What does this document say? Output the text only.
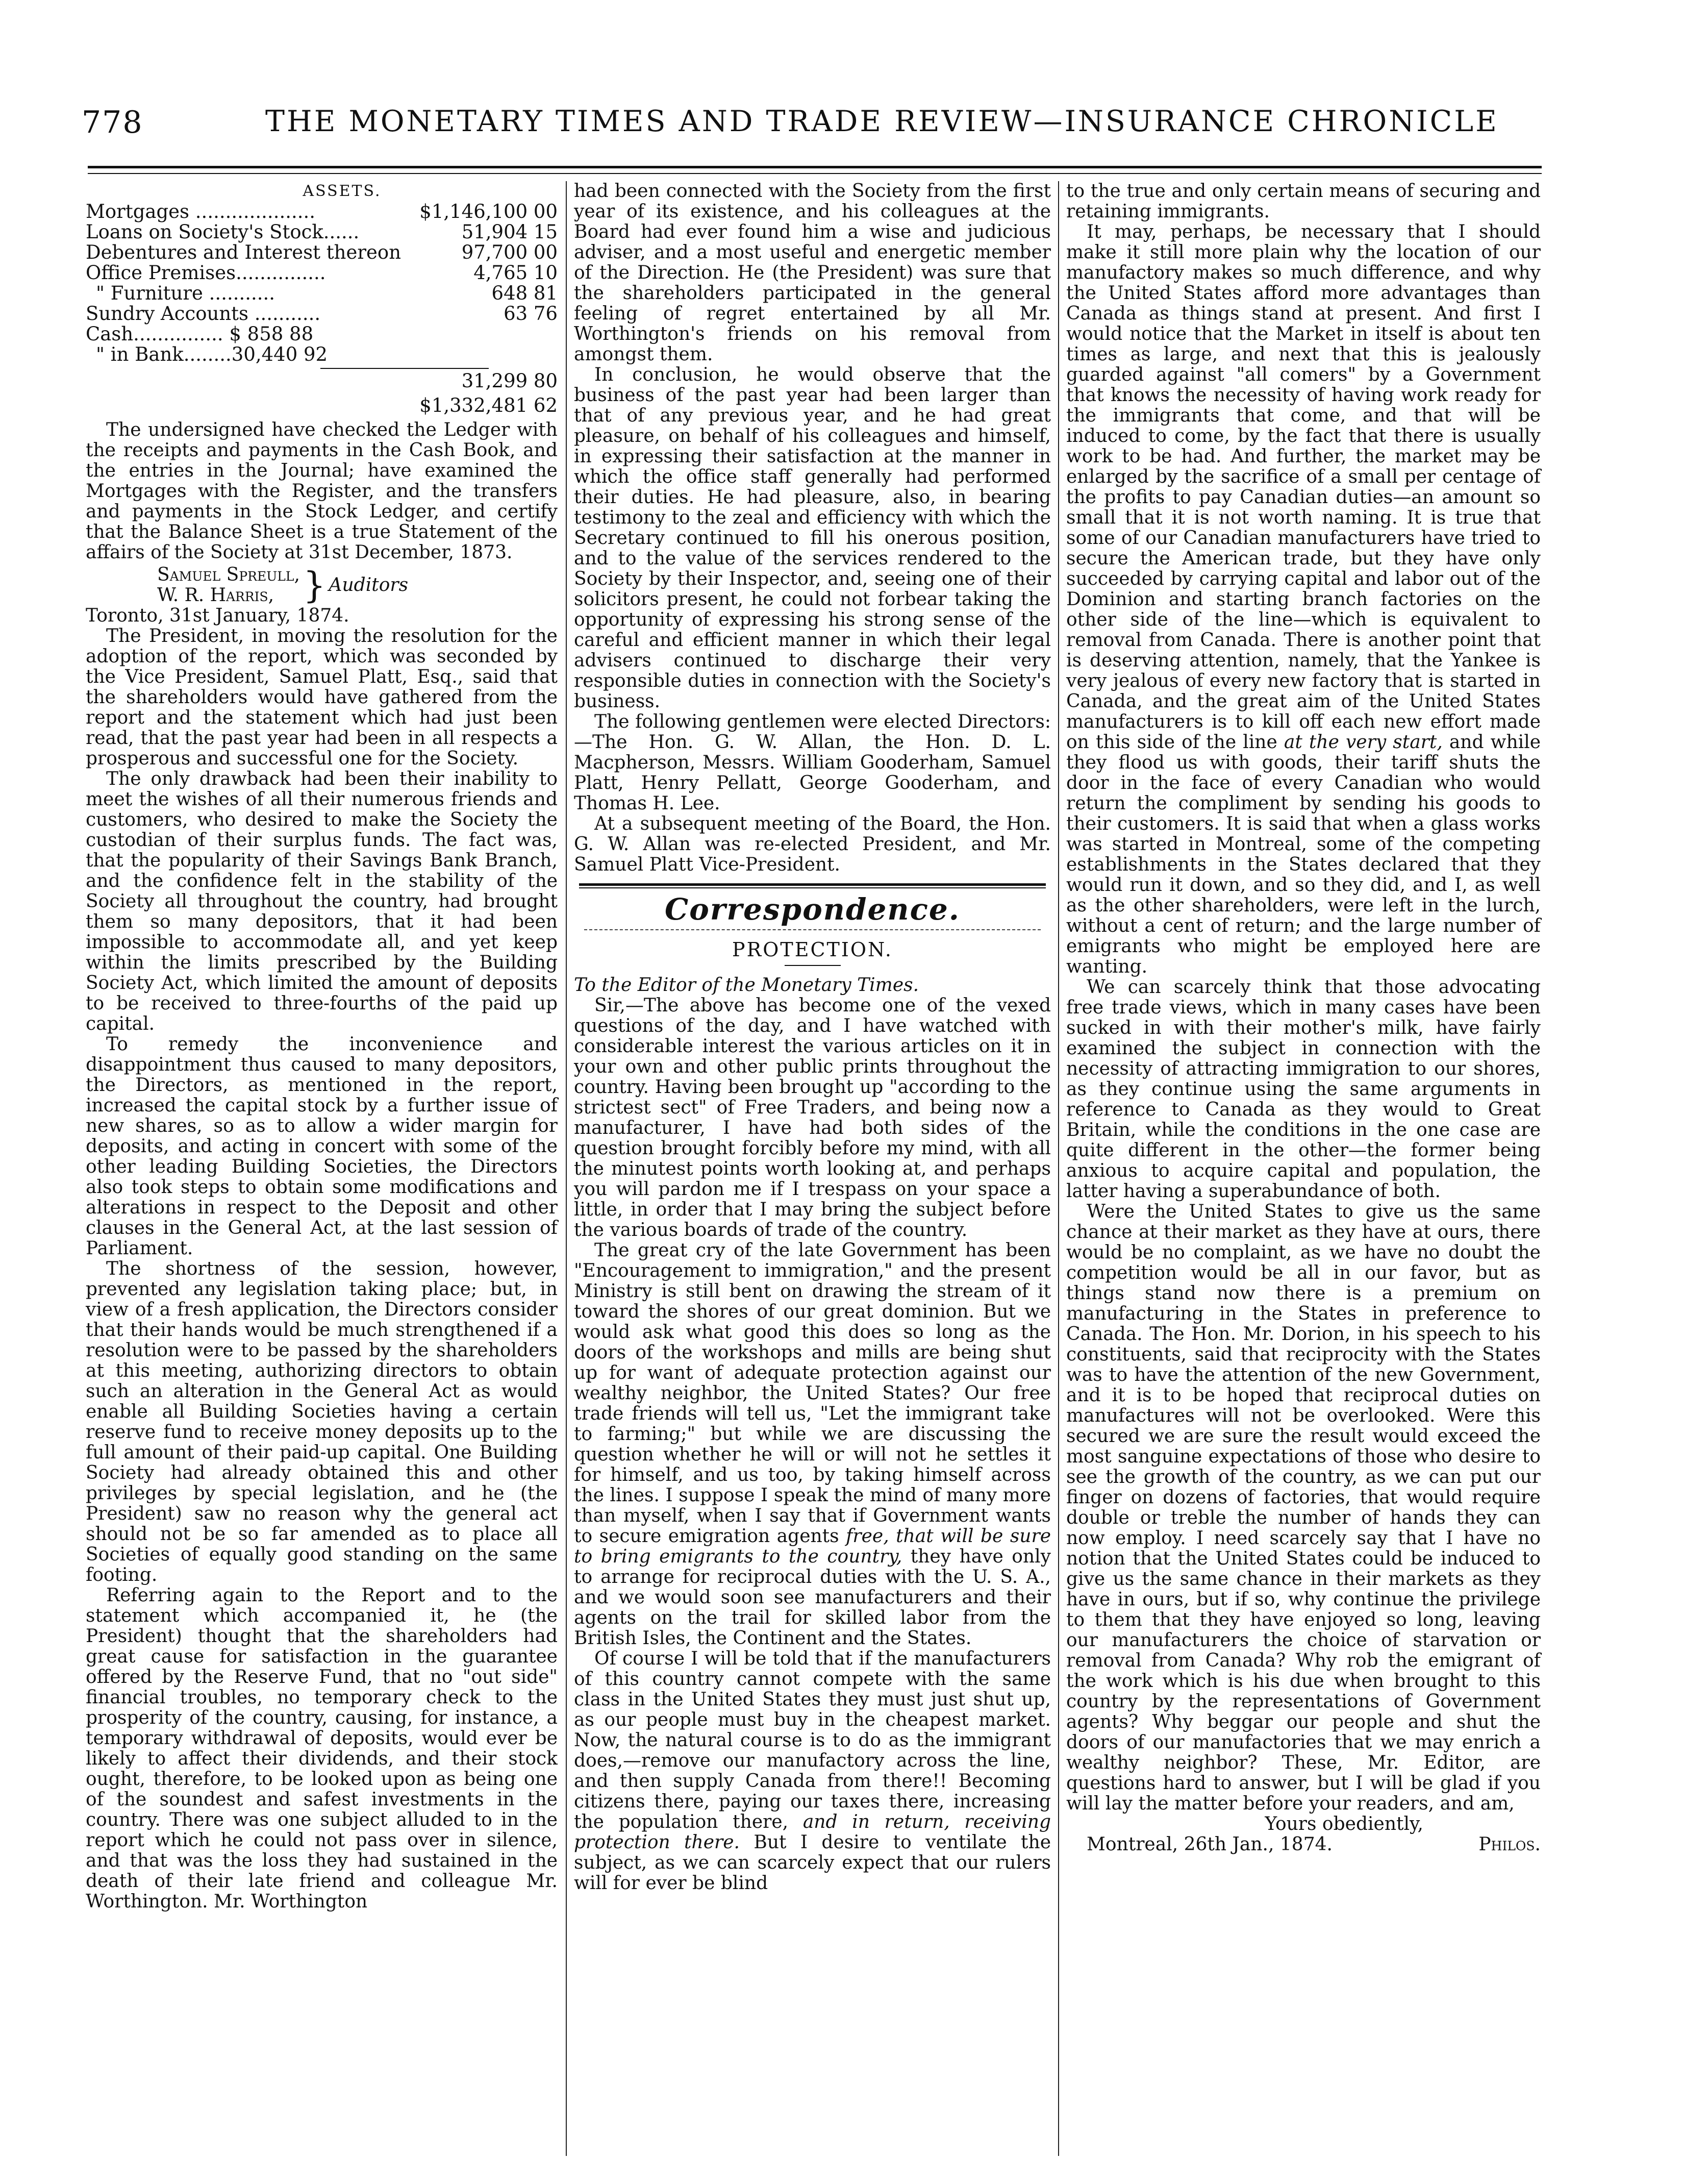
778	THE MONETARY TIMES AND TRADE REVIEW—INSURANCE CHRONICLE
ASSETS.
Mortgages ....................	$1,146,100 00
Loans on Society's Stock......	51,904 15
Debentures and Interest thereon	97,700 00
Office Premises...............	4,765 10
" Furniture ...........	648 81
Sundry Accounts ...........	63 76
Cash............... $ 858 88
" in Bank........30,440 92
31,299 80
$1,332,481 62

The undersigned have checked the Ledger with the receipts and payments in the Cash Book, and the entries in the Journal; have examined the Mortgages with the Register, and the transfers and payments in the Stock Ledger, and certify that the Balance Sheet is a true Statement of the affairs of the Society at 31st December, 1873.

Samuel Spreull,
W. R. Harris, } Auditors

Toronto, 31st January, 1874.

The President, in moving the resolution for the adoption of the report, which was seconded by the Vice President, Samuel Platt, Esq., said that the shareholders would have gathered from the report and the statement which had just been read, that the past year had been in all respects a prosperous and successful one for the Society.

The only drawback had been their inability to meet the wishes of all their numerous friends and customers, who desired to make the Society the custodian of their surplus funds. The fact was, that the popularity of their Savings Bank Branch, and the confidence felt in the stability of the Society all throughout the country, had brought them so many depositors, that it had been impossible to accommodate all, and yet keep within the limits prescribed by the Building Society Act, which limited the amount of deposits to be received to three-fourths of the paid up capital.

To remedy the inconvenience and disappointment thus caused to many depositors, the Directors, as mentioned in the report, increased the capital stock by a further issue of new shares, so as to allow a wider margin for deposits, and acting in concert with some of the other leading Building Societies, the Directors also took steps to obtain some modifications and alterations in respect to the Deposit and other clauses in the General Act, at the last session of Parliament.

The shortness of the session, however, prevented any legislation taking place; but, in view of a fresh application, the Directors consider that their hands would be much strengthened if a resolution were to be passed by the shareholders at this meeting, authorizing directors to obtain such an alteration in the General Act as would enable all Building Societies having a certain reserve fund to receive money deposits up to the full amount of their paid-up capital. One Building Society had already obtained this and other privileges by special legislation, and he (the President) saw no reason why the general act should not be so far amended as to place all Societies of equally good standing on the same footing.

Referring again to the Report and to the statement which accompanied it, he (the President) thought that the shareholders had great cause for satisfaction in the guarantee offered by the Reserve Fund, that no "out side" financial troubles, no temporary check to the prosperity of the country, causing, for instance, a temporary withdrawal of deposits, would ever be likely to affect their dividends, and their stock ought, therefore, to be looked upon as being one of the soundest and safest investments in the country. There was one subject alluded to in the report which he could not pass over in silence, and that was the loss they had sustained in the death of their late friend and colleague Mr. Worthington. Mr. Worthington

had been connected with the Society from the first year of its existence, and his colleagues at the Board had ever found him a wise and judicious adviser, and a most useful and energetic member of the Direction. He (the President) was sure that the shareholders participated in the general feeling of regret entertained by all Mr. Worthington's friends on his removal from amongst them.

In conclusion, he would observe that the business of the past year had been larger than that of any previous year, and he had great pleasure, on behalf of his colleagues and himself, in expressing their satisfaction at the manner in which the office staff generally had performed their duties. He had pleasure, also, in bearing testimony to the zeal and efficiency with which the Secretary continued to fill his onerous position, and to the value of the services rendered to the Society by their Inspector, and, seeing one of their solicitors present, he could not forbear taking the opportunity of expressing his strong sense of the careful and efficient manner in which their legal advisers continued to discharge their very responsible duties in connection with the Society's business.

The following gentlemen were elected Directors:—The Hon. G. W. Allan, the Hon. D. L. Macpherson, Messrs. William Gooderham, Samuel Platt, Henry Pellatt, George Gooderham, and Thomas H. Lee.

At a subsequent meeting of the Board, the Hon. G. W. Allan was re-elected President, and Mr. Samuel Platt Vice-President.

Correspondence.
PROTECTION.

To the Editor of the Monetary Times.

Sir,—The above has become one of the vexed questions of the day, and I have watched with considerable interest the various articles on it in your own and other public prints throughout the country. Having been brought up "according to the strictest sect" of Free Traders, and being now a manufacturer, I have had both sides of the question brought forcibly before my mind, with all the minutest points worth looking at, and perhaps you will pardon me if I trespass on your space a little, in order that I may bring the subject before the various boards of trade of the country.

The great cry of the late Government has been "Encouragement to immigration," and the present Ministry is still bent on drawing the stream of it toward the shores of our great dominion. But we would ask what good this does so long as the doors of the workshops and mills are being shut up for want of adequate protection against our wealthy neighbor, the United States? Our free trade friends will tell us, "Let the immigrant take to farming;" but while we are discussing the question whether he will or will not he settles it for himself, and us too, by taking himself across the lines. I suppose I speak the mind of many more than myself, when I say that if Government wants to secure emigration agents free, that will be sure to bring emigrants to the country, they have only to arrange for reciprocal duties with the U. S. A., and we would soon see manufacturers and their agents on the trail for skilled labor from the British Isles, the Continent and the States.

Of course I will be told that if the manufacturers of this country cannot compete with the same class in the United States they must just shut up, as our people must buy in the cheapest market. Now, the natural course is to do as the immigrant does,—remove our manufactory across the line, and then supply Canada from there!! Becoming citizens there, paying our taxes there, increasing the population there, and in return, receiving protection there. But I desire to ventilate the subject, as we can scarcely expect that our rulers will for ever be blind

to the true and only certain means of securing and retaining immigrants.

It may, perhaps, be necessary that I should make it still more plain why the location of our manufactory makes so much difference, and why the United States afford more advantages than Canada as things stand at present. And first I would notice that the Market in itself is about ten times as large, and next that this is jealously guarded against "all comers" by a Government that knows the necessity of having work ready for the immigrants that come, and that will be induced to come, by the fact that there is usually work to be had. And further, the market may be enlarged by the sacrifice of a small per centage of the profits to pay Canadian duties—an amount so small that it is not worth naming. It is true that some of our Canadian manufacturers have tried to secure the American trade, but they have only succeeded by carrying capital and labor out of the Dominion and starting branch factories on the other side of the line—which is equivalent to removal from Canada. There is another point that is deserving attention, namely, that the Yankee is very jealous of every new factory that is started in Canada, and the great aim of the United States manufacturers is to kill off each new effort made on this side of the line at the very start, and while they flood us with goods, their tariff shuts the door in the face of every Canadian who would return the compliment by sending his goods to their customers. It is said that when a glass works was started in Montreal, some of the competing establishments in the States declared that they would run it down, and so they did, and I, as well as the other shareholders, were left in the lurch, without a cent of return; and the large number of emigrants who might be employed here are wanting.

We can scarcely think that those advocating free trade views, which in many cases have been sucked in with their mother's milk, have fairly examined the subject in connection with the necessity of attracting immigration to our shores, as they continue using the same arguments in reference to Canada as they would to Great Britain, while the conditions in the one case are quite different in the other—the former being anxious to acquire capital and population, the latter having a superabundance of both.

Were the United States to give us the same chance at their market as they have at ours, there would be no complaint, as we have no doubt the competition would be all in our favor, but as things stand now there is a premium on manufacturing in the States in preference to Canada. The Hon. Mr. Dorion, in his speech to his constituents, said that reciprocity with the States was to have the attention of the new Government, and it is to be hoped that reciprocal duties on manufactures will not be overlooked. Were this secured we are sure the result would exceed the most sanguine expectations of those who desire to see the growth of the country, as we can put our finger on dozens of factories, that would require double or treble the number of hands they can now employ. I need scarcely say that I have no notion that the United States could be induced to give us the same chance in their markets as they have in ours, but if so, why continue the privilege to them that they have enjoyed so long, leaving our manufacturers the choice of starvation or removal from Canada? Why rob the emigrant of the work which is his due when brought to this country by the representations of Government agents? Why beggar our people and shut the doors of our manufactories that we may enrich a wealthy neighbor? These, Mr. Editor, are questions hard to answer, but I will be glad if you will lay the matter before your readers, and am,

Yours obediently,

Montreal, 26th Jan., 1874.	Philos.
